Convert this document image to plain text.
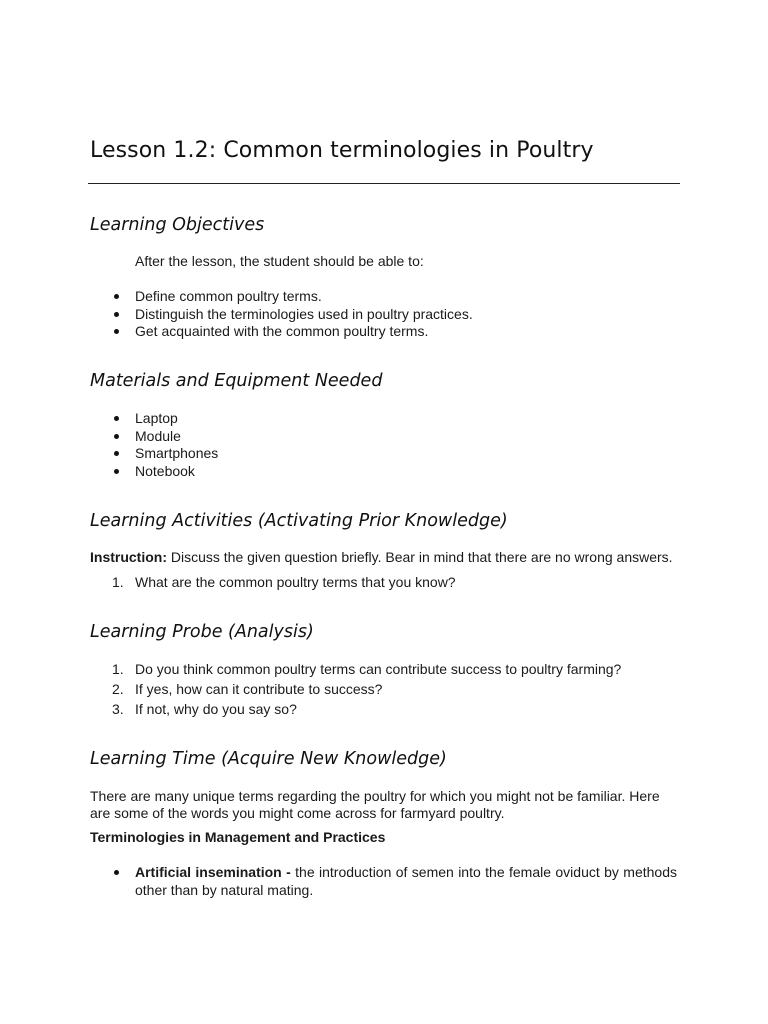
Lesson 1.2: Common terminologies in Poultry
Learning Objectives

After the lesson, the student should be able to:

Define common poultry terms.
Distinguish the terminologies used in poultry practices.
Get acquainted with the common poultry terms.
Materials and Equipment Needed
Laptop
Module
Smartphones
Notebook
Learning Activities (Activating Prior Knowledge)

Instruction: Discuss the given question briefly. Bear in mind that there are no wrong answers.

1. What are the common poultry terms that you know?
Learning Probe (Analysis)
1. Do you think common poultry terms can contribute success to poultry farming?
2. If yes, how can it contribute to success?
3. If not, why do you say so?
Learning Time (Acquire New Knowledge)

There are many unique terms regarding the poultry for which you might not be familiar. Here are some of the words you might come across for farmyard poultry.

Terminologies in Management and Practices

Artificial insemination - the introduction of semen into the female oviduct by methods other than by natural mating.
